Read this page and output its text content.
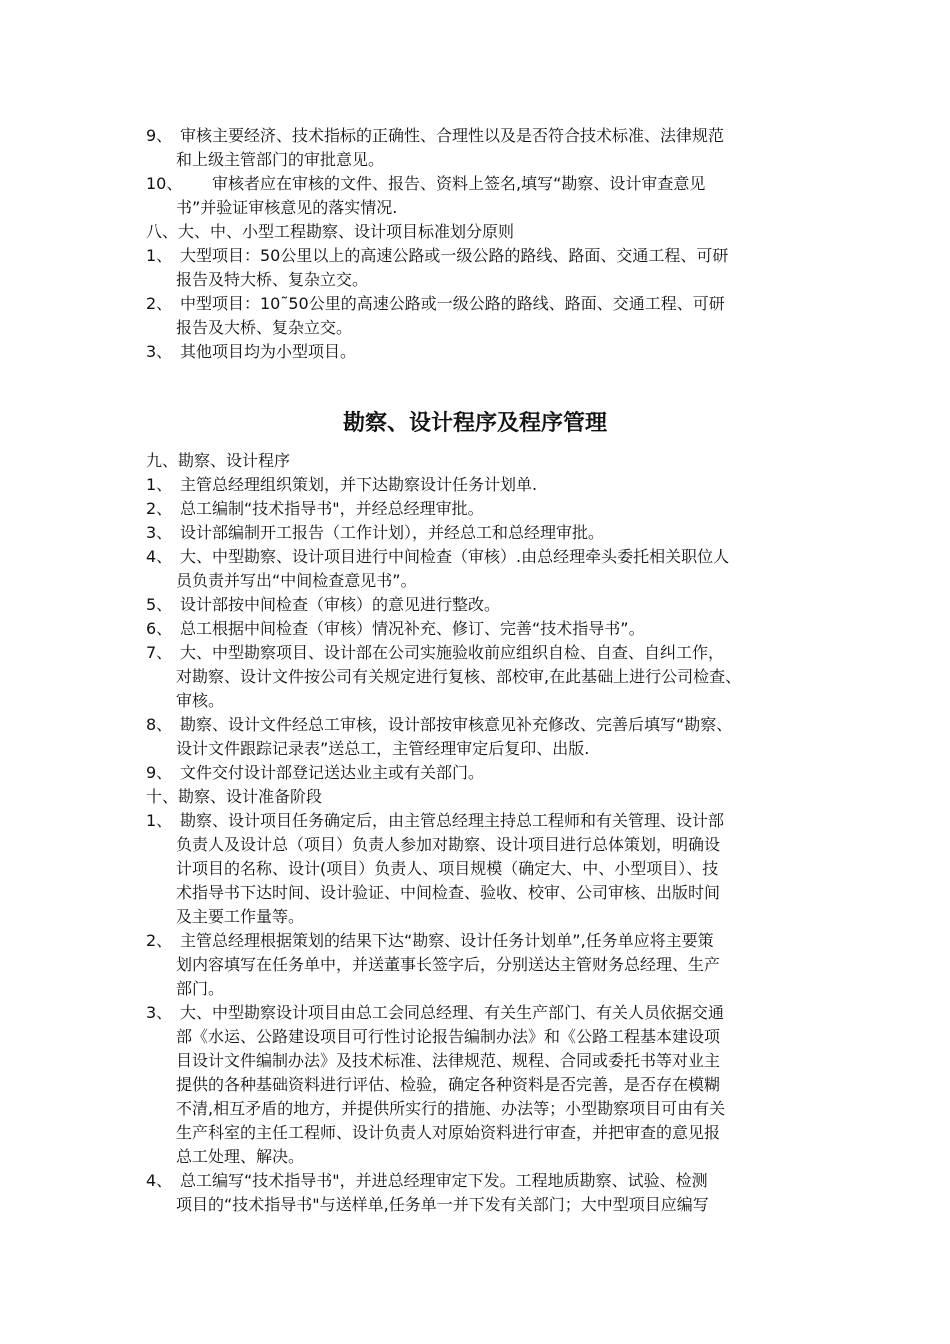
9、 审核主要经济、技术指标的正确性、合理性以及是否符合技术标准、法律规范
和上级主管部门的审批意见。
10、 审核者应在审核的文件、报告、资料上签名,填写“勘察、设计审查意见
书”并验证审核意见的落实情况.
八、大、中、小型工程勘察、设计项目标准划分原则
1、 大型项目：50公里以上的高速公路或一级公路的路线、路面、交通工程、可研
报告及特大桥、复杂立交。
2、 中型项目：10˜50公里的高速公路或一级公路的路线、路面、交通工程、可研
报告及大桥、复杂立交。
3、 其他项目均为小型项目。
勘察、设计程序及程序管理
九、勘察、设计程序
1、 主管总经理组织策划，并下达勘察设计任务计划单.
2、 总工编制“技术指导书"，并经总经理审批。
3、 设计部编制开工报告（工作计划），并经总工和总经理审批。
4、 大、中型勘察、设计项目进行中间检查（审核）.由总经理牵头委托相关职位人
员负责并写出“中间检查意见书”。
5、 设计部按中间检查（审核）的意见进行整改。
6、 总工根据中间检查（审核）情况补充、修订、完善“技术指导书”。
7、 大、中型勘察项目、设计部在公司实施验收前应组织自检、自查、自纠工作，
对勘察、设计文件按公司有关规定进行复核、部校审,在此基础上进行公司检查、
审核。
8、 勘察、设计文件经总工审核，设计部按审核意见补充修改、完善后填写“勘察、
设计文件跟踪记录表”送总工，主管经理审定后复印、出版.
9、 文件交付设计部登记送达业主或有关部门。
十、勘察、设计准备阶段
1、 勘察、设计项目任务确定后，由主管总经理主持总工程师和有关管理、设计部
负责人及设计总（项目）负责人参加对勘察、设计项目进行总体策划，明确设
计项目的名称、设计(项目）负责人、项目规模（确定大、中、小型项目）、技
术指导书下达时间、设计验证、中间检查、验收、校审、公司审核、出版时间
及主要工作量等。
2、 主管总经理根据策划的结果下达“勘察、设计任务计划单”,任务单应将主要策
划内容填写在任务单中，并送董事长签字后，分别送达主管财务总经理、生产
部门。
3、 大、中型勘察设计项目由总工会同总经理、有关生产部门、有关人员依据交通
部《水运、公路建设项目可行性讨论报告编制办法》和《公路工程基本建设项
目设计文件编制办法》及技术标准、法律规范、规程、合同或委托书等对业主
提供的各种基础资料进行评估、检验，确定各种资料是否完善，是否存在模糊
不清,相互矛盾的地方，并提供所实行的措施、办法等；小型勘察项目可由有关
生产科室的主任工程师、设计负责人对原始资料进行审查，并把审查的意见报
总工处理、解决。
4、 总工编写“技术指导书"，并进总经理审定下发。工程地质勘察、试验、检测
项目的“技术指导书"与送样单,任务单一并下发有关部门；大中型项目应编写
